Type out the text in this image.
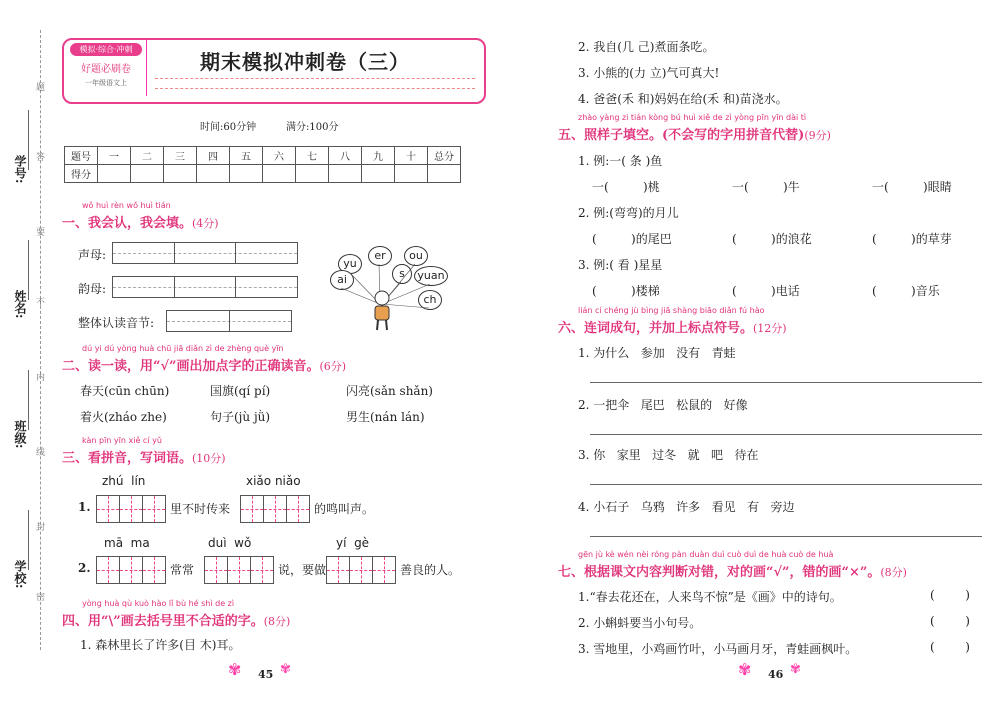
学号:
姓名:
班级:
学校:
题
答
要
不
内
线
封
密
模拟·综合·冲刺
好题必刷卷
一年级语文上
期末模拟冲刺卷（三）
时间:60分钟	满分:100分
题号	一	二	三	四	五	六	七	八	九	十	总分
得分											
wǒ huì rèn wǒ huì tián
一、我会认，我会填。(4分)
声母:
韵母:
整体认读音节:
yu
er	ou
ai	s	yuan
ch
dú yi dú yòng huà chū jiā diǎn zì de zhèng què yīn
二、读一读，用“√”画出加点字的正确读音。(6分)
春天(cūn chūn)	国旗(qí pí)	闪亮(sǎn shǎn)
着火(zháo zhe)	句子(jù jǜ)	男生(nán lán)
kàn pīn yīn xiě cí yǔ
三、看拼音，写词语。(10分)
zhú  lín
1.	里不时传来
xiǎo niǎo
的鸣叫声。
mā  ma
2.	常常
duì  wǒ
说，要做
yí  gè
善良的人。
yòng huà qù kuò hào lǐ bù hé shì de zì
四、用“\”画去括号里不合适的字。(8分)
1. 森林里长了许多(目 木)耳。
✾ 45 ✾
2. 我自(几 己)煮面条吃。
3. 小熊的(力 立)气可真大!
4. 爸爸(禾 和)妈妈在给(禾 和)苗浇水。
zhào yàng zi tián kòng bú huì xiě de zì yòng pīn yīn dài tì
五、照样子填空。(不会写的字用拼音代替)(9分)
1. 例:一( 条 )鱼
一(         )桃	一(         )牛	一(         )眼睛
2. 例:(弯弯)的月儿
(         )的尾巴	(         )的浪花	(         )的草芽
3. 例:( 看 )星星
(         )楼梯	(         )电话	(         )音乐
lián cí chéng jù bìng jiā shàng biāo diǎn fú hào
六、连词成句，并加上标点符号。(12分)
1. 为什么   参加   没有   青蛙
2. 一把伞   尾巴   松鼠的   好像
3. 你   家里   过冬   就   吧   待在
4. 小石子   乌鸦   许多   看见   有   旁边
gēn jù kè wén nèi róng pàn duàn duì cuò duì de huà cuò de huà
七、根据课文内容判断对错，对的画“√”，错的画“×”。(8分)
1.“春去花还在，人来鸟不惊”是《画》中的诗句。	(        )
2. 小蝌蚪要当小句号。	(        )
3. 雪地里，小鸡画竹叶，小马画月牙，青蛙画枫叶。	(        )
✾ 46 ✾
